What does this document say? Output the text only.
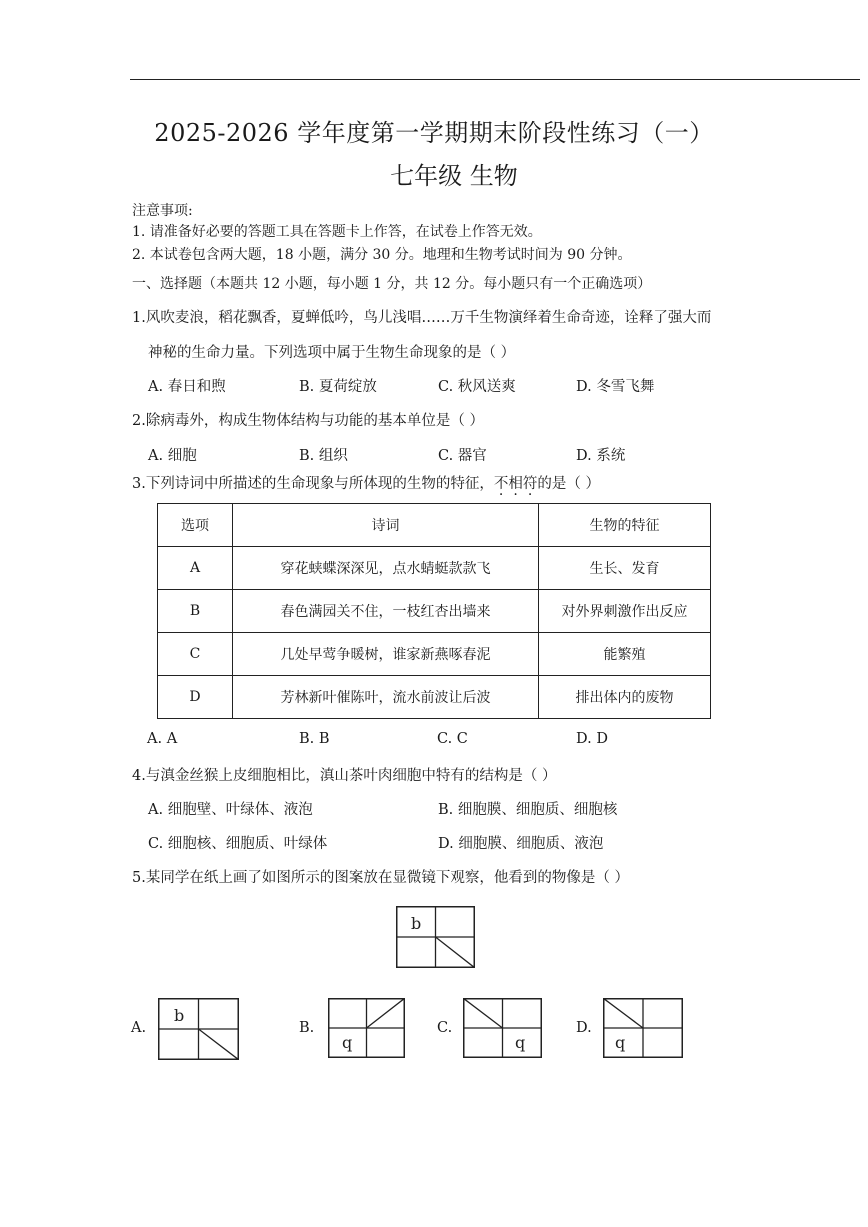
2025-2026 学年度第一学期期末阶段性练习（一）
七年级 生物
注意事项:
1. 请准备好必要的答题工具在答题卡上作答，在试卷上作答无效。
2. 本试卷包含两大题，18 小题，满分 30 分。地理和生物考试时间为 90 分钟。
一、选择题（本题共 12 小题，每小题 1 分，共 12 分。每小题只有一个正确选项）
1.风吹麦浪，稻花飘香，夏蝉低吟，鸟儿浅唱……万千生物演绎着生命奇迹，诠释了强大而
神秘的生命力量。下列选项中属于生物生命现象的是（ ）
A. 春日和煦	B. 夏荷绽放	C. 秋风送爽	D. 冬雪飞舞
2.除病毒外，构成生物体结构与功能的基本单位是（ ）
A. 细胞	B. 组织	C. 器官	D. 系统
3.下列诗词中所描述的生命现象与所体现的生物的特征，不相符的是（ ）
选项	诗词	生物的特征
A	穿花蛱蝶深深见，点水蜻蜓款款飞	生长、发育
B	春色满园关不住，一枝红杏出墙来	对外界刺激作出反应
C	几处早莺争暖树，谁家新燕啄春泥	能繁殖
D	芳林新叶催陈叶，流水前波让后波	排出体内的废物
A. A	B. B	C. C	D. D
4.与滇金丝猴上皮细胞相比，滇山茶叶肉细胞中特有的结构是（ ）
A. 细胞壁、叶绿体、液泡	B. 细胞膜、细胞质、细胞核
C. 细胞核、细胞质、叶绿体	D. 细胞膜、细胞质、液泡
5.某同学在纸上画了如图所示的图案放在显微镜下观察，他看到的物像是（ ）
b
A.
b
B.
q
C.
q
D.
q
